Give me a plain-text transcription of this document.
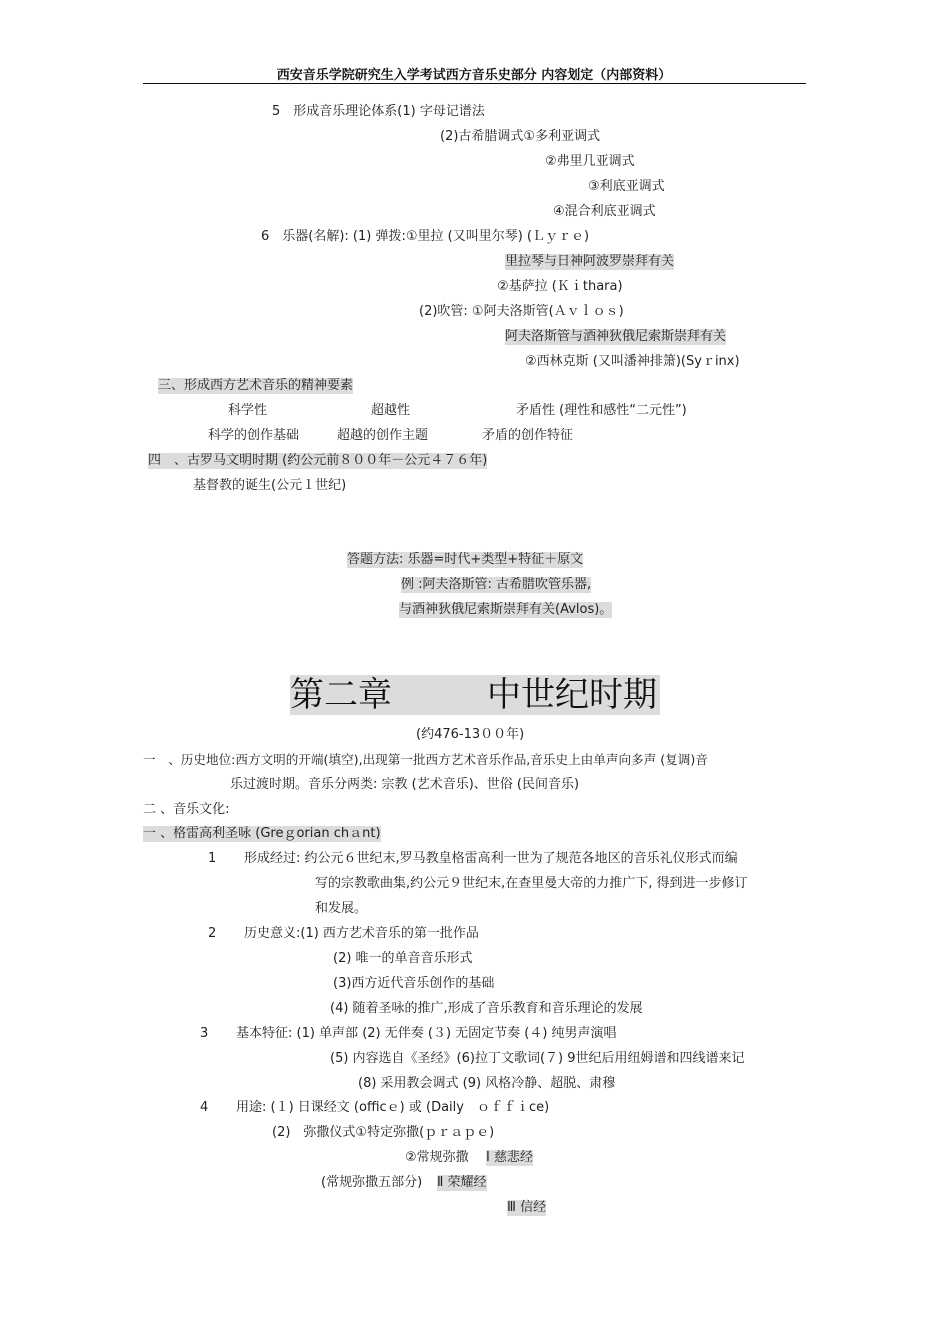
西安音乐学院研究生入学考试西方音乐史部分 内容划定（内部资料）
5　形成音乐理论体系(1) 字母记谱法
(2)古希腊调式①多利亚调式
②弗里几亚调式
③利底亚调式
④混合利底亚调式
6　乐器(名解): (1) 弹拨:①里拉 (又叫里尔琴) (Ｌｙｒｅ)
里拉琴与日神阿波罗崇拜有关
②基萨拉 (Ｋｉthara)
(2)吹管: ①阿夫洛斯管(Ａｖｌｏｓ)
阿夫洛斯管与酒神狄俄尼索斯崇拜有关
②西林克斯 (又叫潘神排箫)(Syｒinx)
三、形成西方艺术音乐的精神要素
科学性	超越性	矛盾性 (理性和感性“二元性”)
科学的创作基础	超越的创作主题	矛盾的创作特征
四　、古罗马文明时期 (约公元前８００年－公元４７６年)
基督教的诞生(公元１世纪)
答题方法: 乐器=时代+类型+特征＋原文
例 :阿夫洛斯管: 古希腊吹管乐器,
与酒神狄俄尼索斯崇拜有关(Avlos)。
第二章	中世纪时期
(约476-13００年)
一　、历史地位:西方文明的开端(填空),出现第一批西方艺术音乐作品,音乐史上由单声向多声 (复调)音
乐过渡时期。音乐分两类: 宗教 (艺术音乐)、世俗 (民间音乐)
二 、音乐文化:
一 、格雷高利圣咏 (Greｇorian chａnt)
1 形成经过: 约公元６世纪末,罗马教皇格雷高利一世为了规范各地区的音乐礼仪形式而编
写的宗教歌曲集,约公元９世纪末,在查里曼大帝的力推广下, 得到进一步修订
和发展。
2 历史意义:(1) 西方艺术音乐的第一批作品
(2) 唯一的单音音乐形式
(3)西方近代音乐创作的基础
(4) 随着圣咏的推广,形成了音乐教育和音乐理论的发展
3 基本特征: (1) 单声部 (2) 无伴奏 (３) 无固定节奏 (４) 纯男声演唱
(5) 内容选自《圣经》(6)拉丁文歌词(７) 9世纪后用纽姆谱和四线谱来记
(8) 采用教会调式 (9) 风格冷静、超脱、肃穆
4 用途: (１) 日课经文 (officｅ) 或 (Daily　ｏｆｆｉce)
(2)　弥撒仪式①特定弥撒(ｐｒａｐｅ)
②常规弥撒 Ⅰ 慈悲经
(常规弥撒五部分) Ⅱ 荣耀经
Ⅲ 信经
